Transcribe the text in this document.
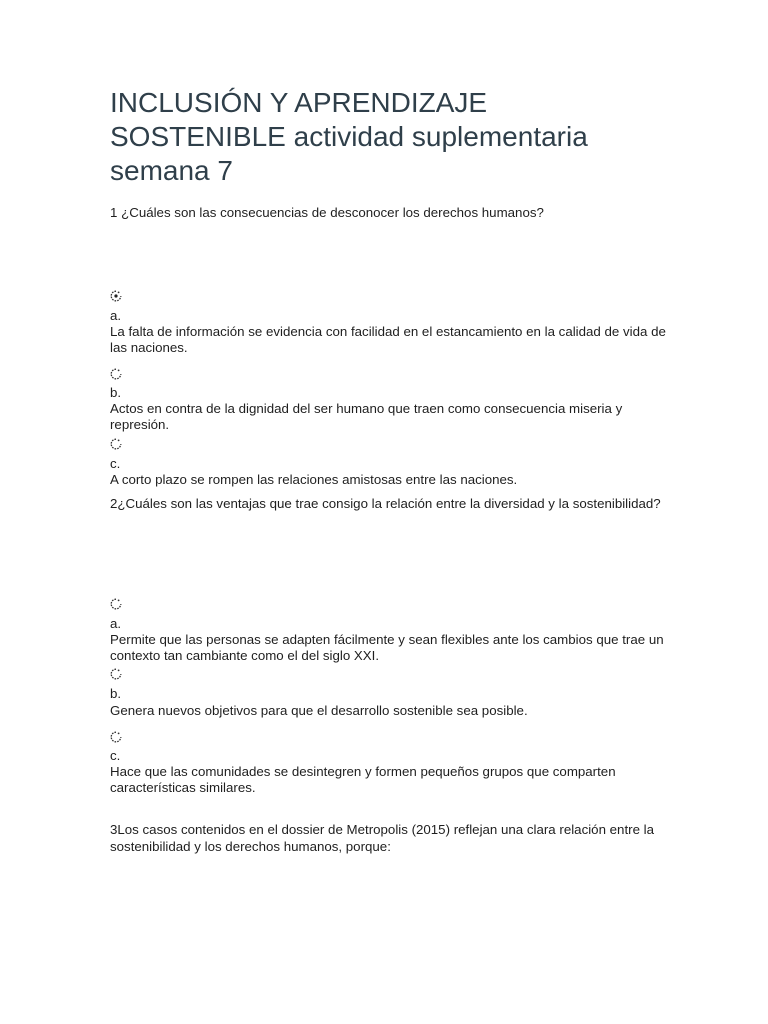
INCLUSIÓN Y APRENDIZAJE
SOSTENIBLE actividad suplementaria
semana 7

1 ¿Cuáles son las consecuencias de desconocer los derechos humanos?

a.
La falta de información se evidencia con facilidad en el estancamiento en la calidad de vida de las naciones.
b.
Actos en contra de la dignidad del ser humano que traen como consecuencia miseria y represión.
c.
A corto plazo se rompen las relaciones amistosas entre las naciones.

2¿Cuáles son las ventajas que trae consigo la relación entre la diversidad y la sostenibilidad?

a.
Permite que las personas se adapten fácilmente y sean flexibles ante los cambios que trae un contexto tan cambiante como el del siglo XXI.
b.
Genera nuevos objetivos para que el desarrollo sostenible sea posible.
c.
Hace que las comunidades se desintegren y formen pequeños grupos que comparten características similares.

3Los casos contenidos en el dossier de Metropolis (2015) reflejan una clara relación entre la sostenibilidad y los derechos humanos, porque:
